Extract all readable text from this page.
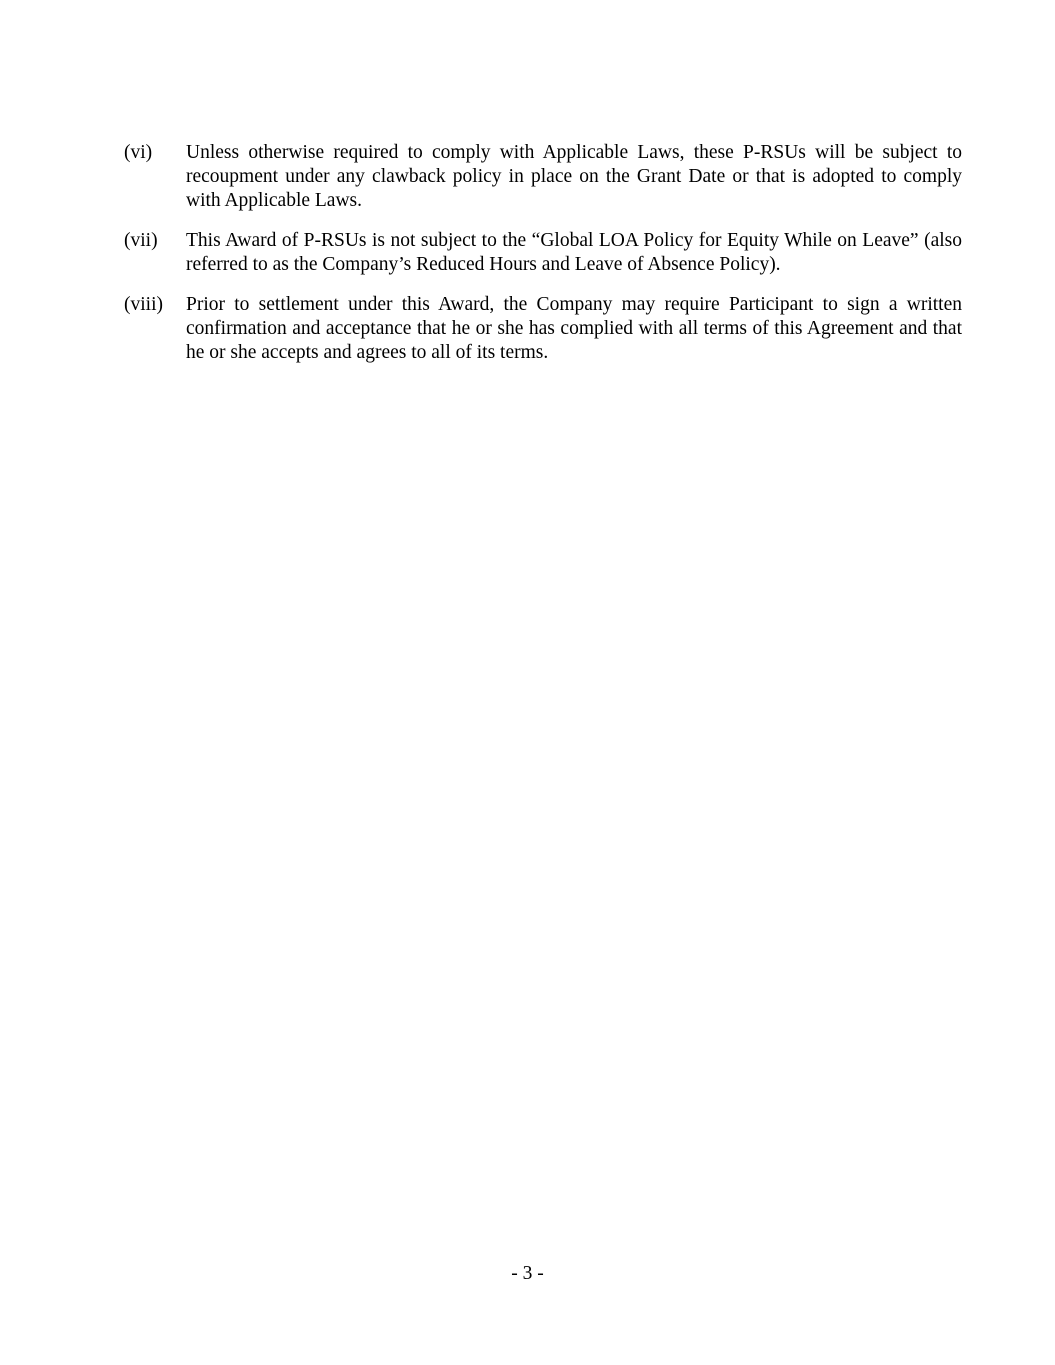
(vi)	Unless otherwise required to comply with Applicable Laws, these P-RSUs will be subject to recoupment under any clawback policy in place on the Grant Date or that is adopted to comply with Applicable Laws.
(vii)	This Award of P-RSUs is not subject to the “Global LOA Policy for Equity While on Leave” (also referred to as the Company’s Reduced Hours and Leave of Absence Policy).
(viii)	Prior to settlement under this Award, the Company may require Participant to sign a written confirmation and acceptance that he or she has complied with all terms of this Agreement and that he or she accepts and agrees to all of its terms.
- 3 -
